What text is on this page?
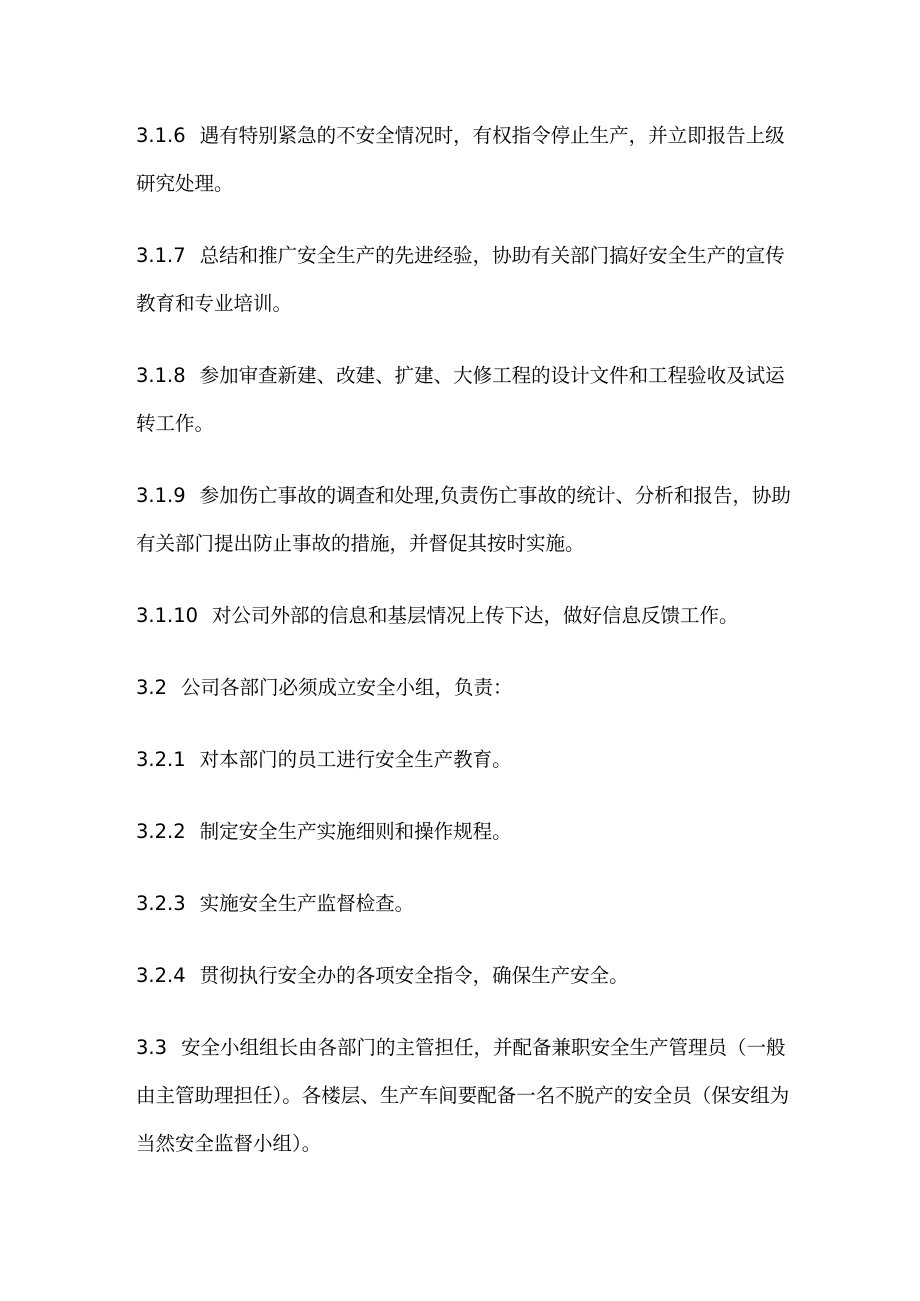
3.1.6 遇有特别紧急的不安全情况时，有权指令停止生产，并立即报告上级研究处理。

3.1.7 总结和推广安全生产的先进经验，协助有关部门搞好安全生产的宣传教育和专业培训。

3.1.8 参加审查新建、改建、扩建、大修工程的设计文件和工程验收及试运转工作。

3.1.9 参加伤亡事故的调查和处理,负责伤亡事故的统计、分析和报告，协助有关部门提出防止事故的措施，并督促其按时实施。

3.1.10 对公司外部的信息和基层情况上传下达，做好信息反馈工作。

3.2 公司各部门必须成立安全小组，负责：

3.2.1 对本部门的员工进行安全生产教育。

3.2.2 制定安全生产实施细则和操作规程。

3.2.3 实施安全生产监督检查。

3.2.4 贯彻执行安全办的各项安全指令，确保生产安全。

3.3 安全小组组长由各部门的主管担任，并配备兼职安全生产管理员（一般由主管助理担任）。各楼层、生产车间要配备一名不脱产的安全员（保安组为当然安全监督小组）。
